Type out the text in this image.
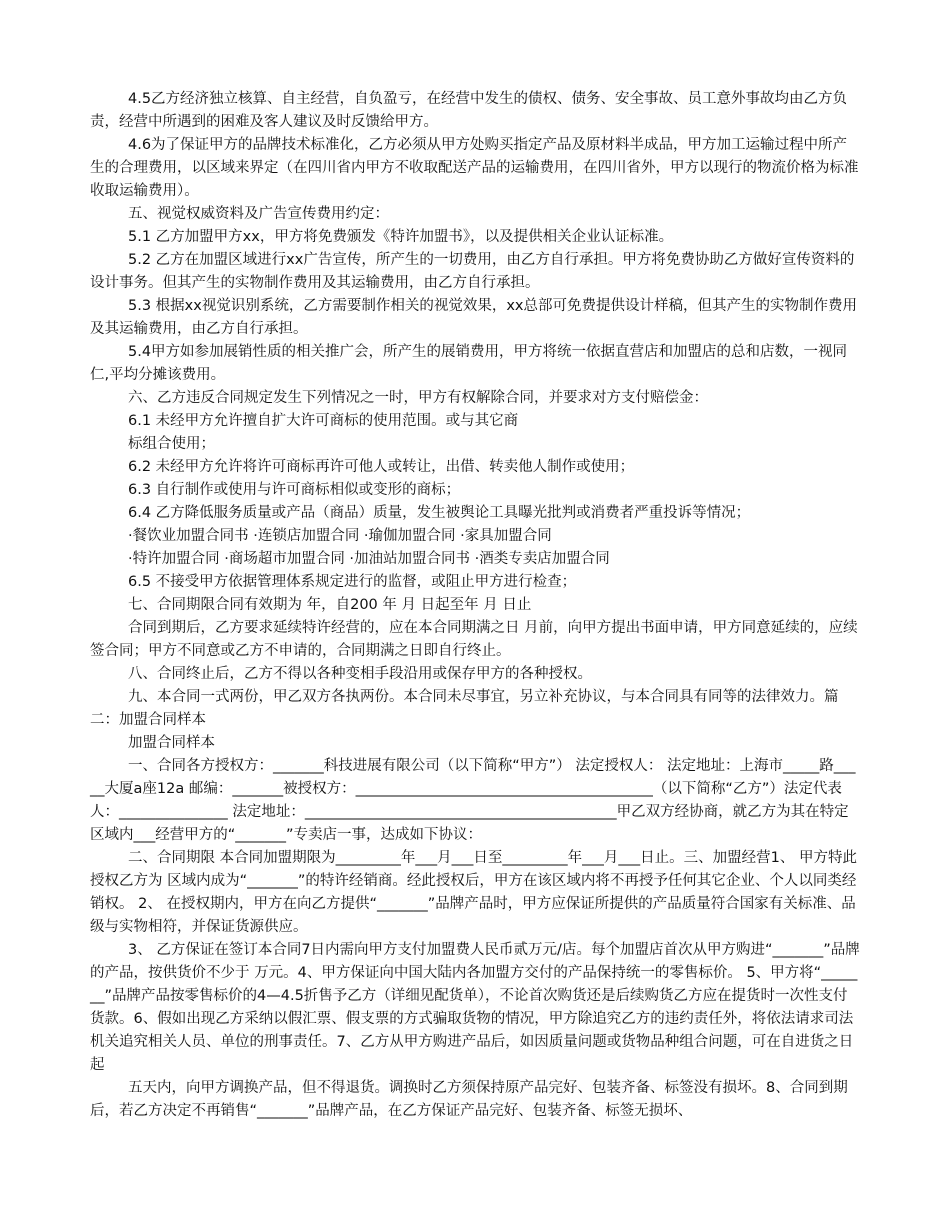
4.5乙方经济独立核算、自主经营，自负盈亏，在经营中发生的债权、债务、安全事故、员工意外事故均由乙方负责，经营中所遇到的困难及客人建议及时反馈给甲方。

4.6为了保证甲方的品牌技术标准化，乙方必须从甲方处购买指定产品及原材料半成品，甲方加工运输过程中所产生的合理费用，以区域来界定（在四川省内甲方不收取配送产品的运输费用，在四川省外，甲方以现行的物流价格为标准收取运输费用）。

五、视觉权威资料及广告宣传费用约定：

5.1 乙方加盟甲方xx，甲方将免费颁发《特许加盟书》，以及提供相关企业认证标准。

5.2 乙方在加盟区域进行xx广告宣传，所产生的一切费用，由乙方自行承担。甲方将免费协助乙方做好宣传资料的设计事务。但其产生的实物制作费用及其运输费用，由乙方自行承担。

5.3 根据xx视觉识别系统，乙方需要制作相关的视觉效果，xx总部可免费提供设计样稿，但其产生的实物制作费用及其运输费用，由乙方自行承担。

5.4甲方如参加展销性质的相关推广会，所产生的展销费用，甲方将统一依据直营店和加盟店的总和店数，一视同仁,平均分摊该费用。

六、乙方违反合同规定发生下列情况之一时，甲方有权解除合同，并要求对方支付赔偿金：

6.1 未经甲方允许擅自扩大许可商标的使用范围。或与其它商

标组合使用；

6.2 未经甲方允许将许可商标再许可他人或转让，出借、转卖他人制作或使用；

6.3 自行制作或使用与许可商标相似或变形的商标；

6.4 乙方降低服务质量或产品（商品）质量，发生被舆论工具曝光批判或消费者严重投诉等情况；

·餐饮业加盟合同书 ·连锁店加盟合同 ·瑜伽加盟合同 ·家具加盟合同

·特许加盟合同 ·商场超市加盟合同 ·加油站加盟合同书 ·酒类专卖店加盟合同

6.5 不接受甲方依据管理体系规定进行的监督，或阻止甲方进行检查；

七、合同期限合同有效期为 年，自200 年 月 日起至年 月 日止

合同到期后，乙方要求延续特许经营的，应在本合同期满之日 月前，向甲方提出书面申请，甲方同意延续的，应续签合同；甲方不同意或乙方不申请的，合同期满之日即自行终止。

八、合同终止后，乙方不得以各种变相手段沿用或保存甲方的各种授权。

九、本合同一式两份，甲乙双方各执两份。本合同未尽事宜，另立补充协议，与本合同具有同等的法律效力。篇二：加盟合同样本

加盟合同样本

一、合同各方授权方：_______科技进展有限公司（以下简称“甲方”） 法定授权人： 法定地址：上海市_____路_____大厦a座12a 邮编：_______被授权方：_________________________________________（以下简称“乙方”）法定代表人：_______________ 法定地址：___________________________________________甲乙双方经协商，就乙方为其在特定区域内___经营甲方的“_______”专卖店一事，达成如下协议：

二、合同期限 本合同加盟期限为_________年___月___日至_________年___月___日止。三、加盟经营1、 甲方特此授权乙方为 区域内成为“_______”的特许经销商。经此授权后，甲方在该区域内将不再授予任何其它企业、个人以同类经销权。 2、 在授权期内，甲方在向乙方提供“_______”品牌产品时，甲方应保证所提供的产品质量符合国家有关标准、品级与实物相符，并保证货源供应。

3、 乙方保证在签订本合同7日内需向甲方支付加盟费人民币贰万元/店。每个加盟店首次从甲方购进“_______”品牌的产品，按供货价不少于 万元。4、甲方保证向中国大陆内各加盟方交付的产品保持统一的零售标价。 5、甲方将“_______”品牌产品按零售标价的4—4.5折售予乙方（详细见配货单），不论首次购货还是后续购货乙方应在提货时一次性支付货款。6、假如出现乙方采纳以假汇票、假支票的方式骗取货物的情况，甲方除追究乙方的违约责任外，将依法请求司法机关追究相关人员、单位的刑事责任。7、乙方从甲方购进产品后，如因质量问题或货物品种组合问题，可在自进货之日起

五天内，向甲方调换产品，但不得退货。调换时乙方须保持原产品完好、包装齐备、标签没有损坏。8、合同到期后，若乙方决定不再销售“_______”品牌产品，在乙方保证产品完好、包装齐备、标签无损坏、
